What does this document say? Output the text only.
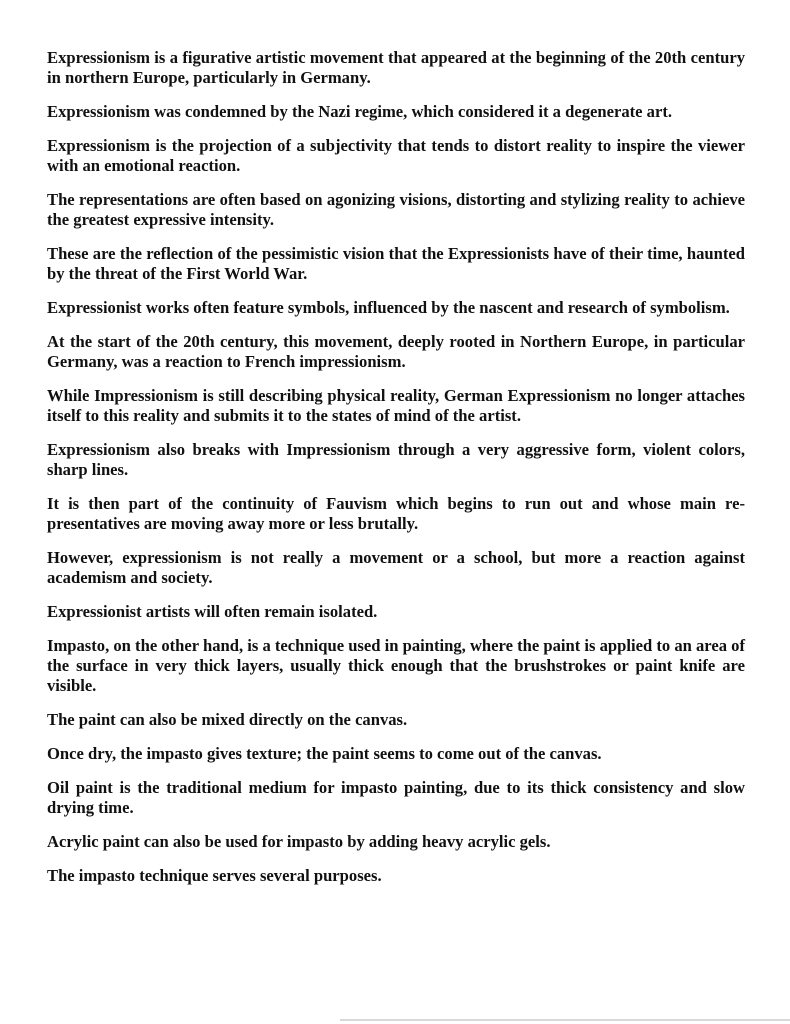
Expressionism is a figurative artistic movement that appeared at the beginning of the 20th century in northern Europe, particularly in Germany.

Expressionism was condemned by the Nazi regime, which considered it a degenerate art.

Expressionism is the projection of a subjectivity that tends to distort reality to inspire the viewer with an emotional reaction.

The representations are often based on agonizing visions, distorting and stylizing reality to achieve the greatest expressive intensity.

These are the reflection of the pessimistic vision that the Expressionists have of their time, haunted by the threat of the First World War.

Expressionist works often feature symbols, influenced by the nascent and research of symbolism.

At the start of the 20th century, this movement, deeply rooted in Northern Europe, in particular Germany, was a reaction to French impressionism.

While Impressionism is still describing physical reality, German Expressionism no longer attaches itself to this reality and submits it to the states of mind of the artist.

Expressionism also breaks with Impressionism through a very aggressive form, violent colors, sharp lines.

It is then part of the continuity of Fauvism which begins to run out and whose main re-presentatives are moving away more or less brutally.

However, expressionism is not really a movement or a school, but more a reaction against academism and society.

Expressionist artists will often remain isolated.

Impasto, on the other hand, is a technique used in painting, where the paint is applied to an area of the surface in very thick layers, usually thick enough that the brushstrokes or paint knife are visible.

The paint can also be mixed directly on the canvas.

Once dry, the impasto gives texture; the paint seems to come out of the canvas.

Oil paint is the traditional medium for impasto painting, due to its thick consistency and slow drying time.

Acrylic paint can also be used for impasto by adding heavy acrylic gels.

The impasto technique serves several purposes.
